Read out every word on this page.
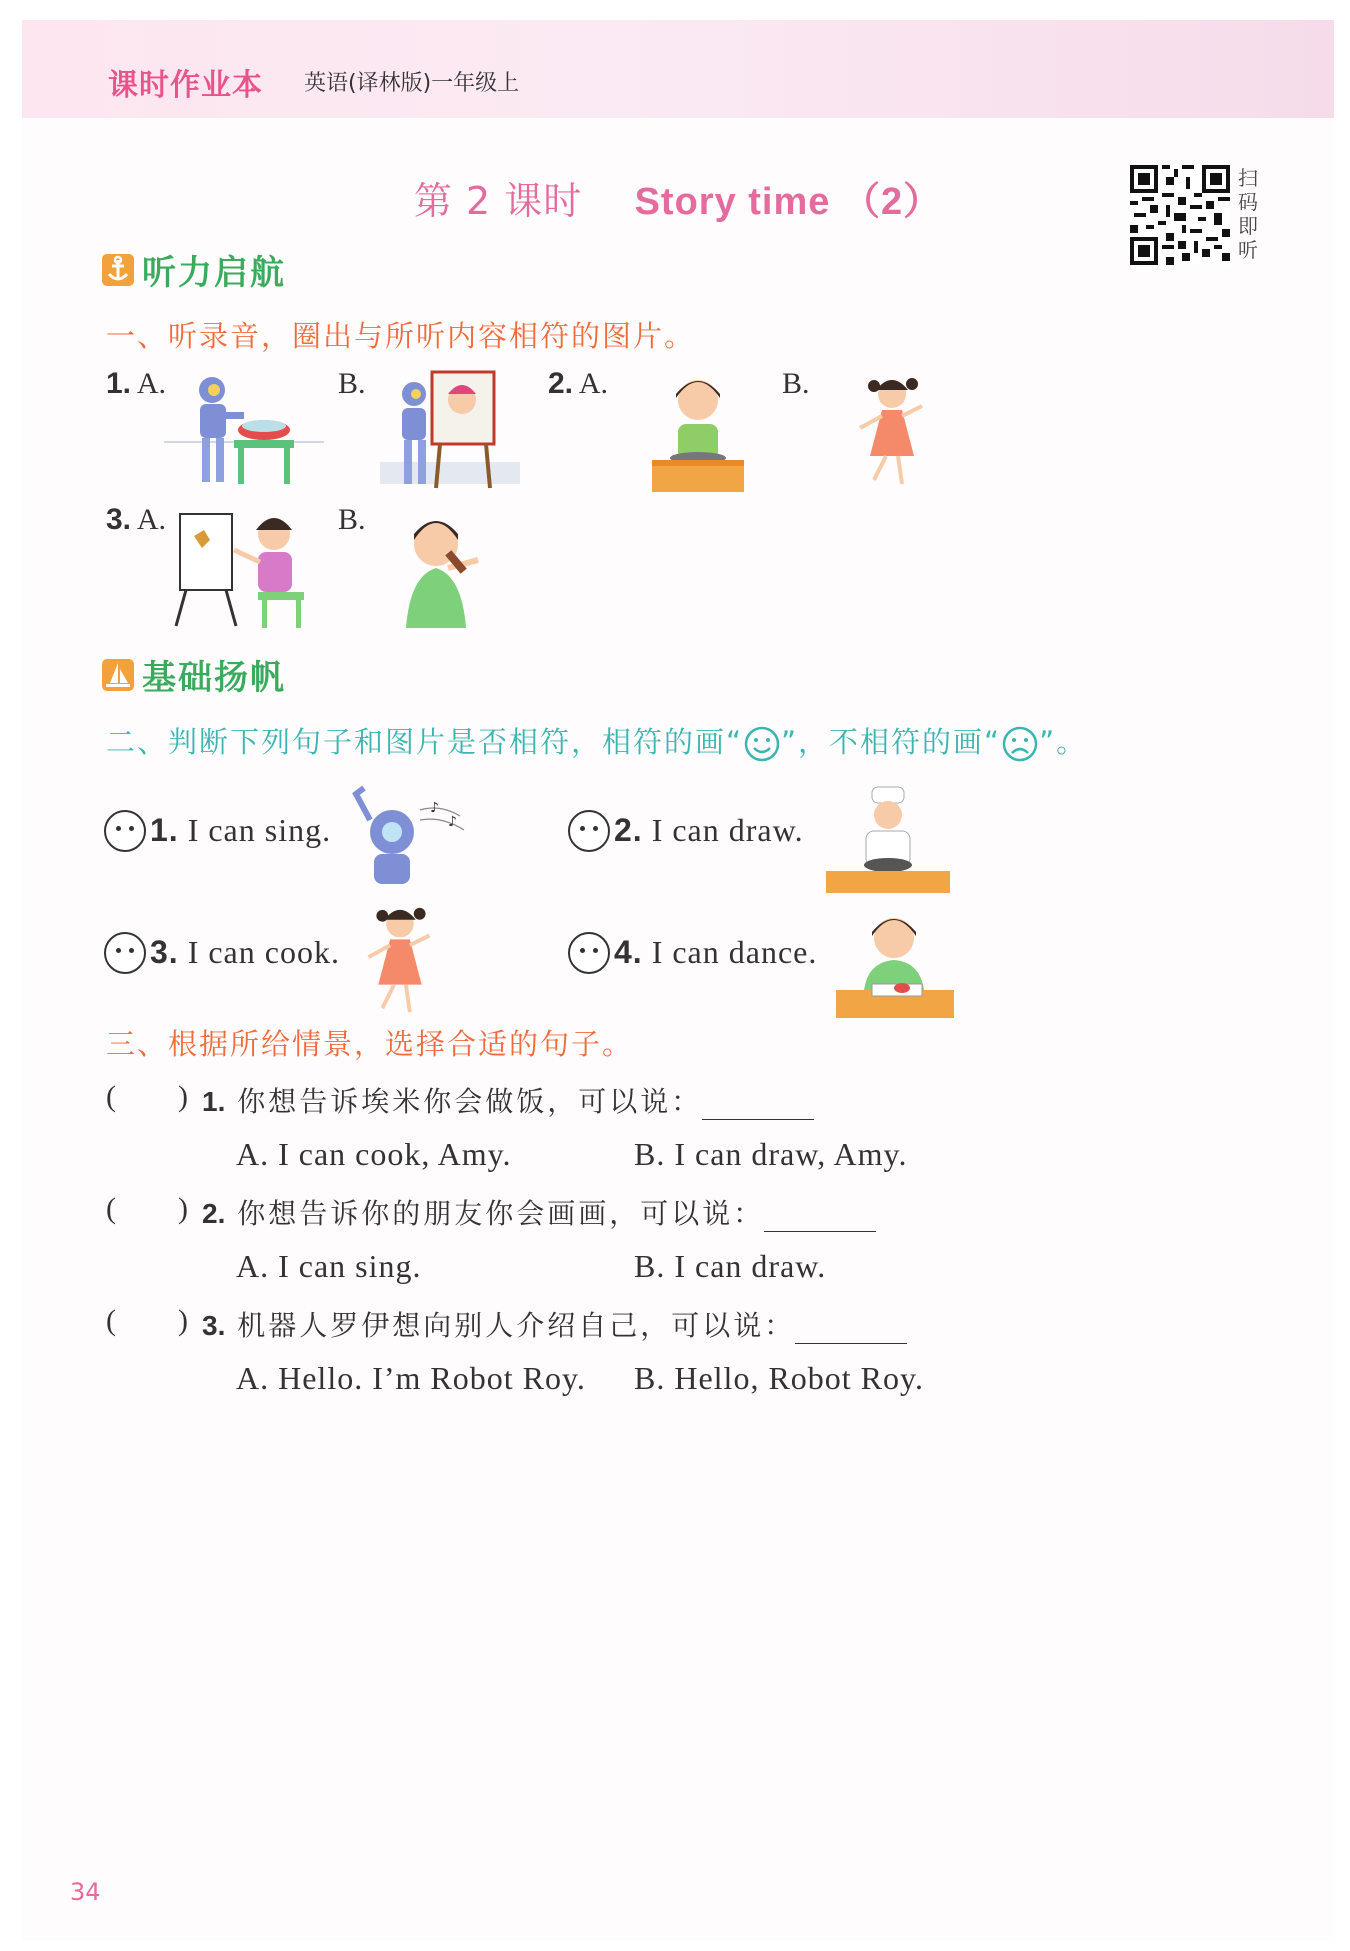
课时作业本 英语(译林版)一年级上
第 2 课时 Story time （2）
扫
码
即
听
听力启航
一、听录音，圈出与所听内容相符的图片。
1. A.	B.	2. A.	B.
3. A.	B.
基础扬帆
二、判断下列句子和图片是否相符，相符的画“ ”，不相符的画“ ”。
1. I can sing.
♪
♪	2. I can draw.
3. I can cook.	4. I can dance.
三、根据所给情景，选择合适的句子。
( ) 1. 你想告诉埃米你会做饭，可以说：
A. I can cook, Amy.	B. I can draw, Amy.
( ) 2. 你想告诉你的朋友你会画画，可以说：
A. I can sing.	B. I can draw.
( ) 3. 机器人罗伊想向别人介绍自己，可以说：
A. Hello. I’m Robot Roy. B. Hello, Robot Roy.
34
